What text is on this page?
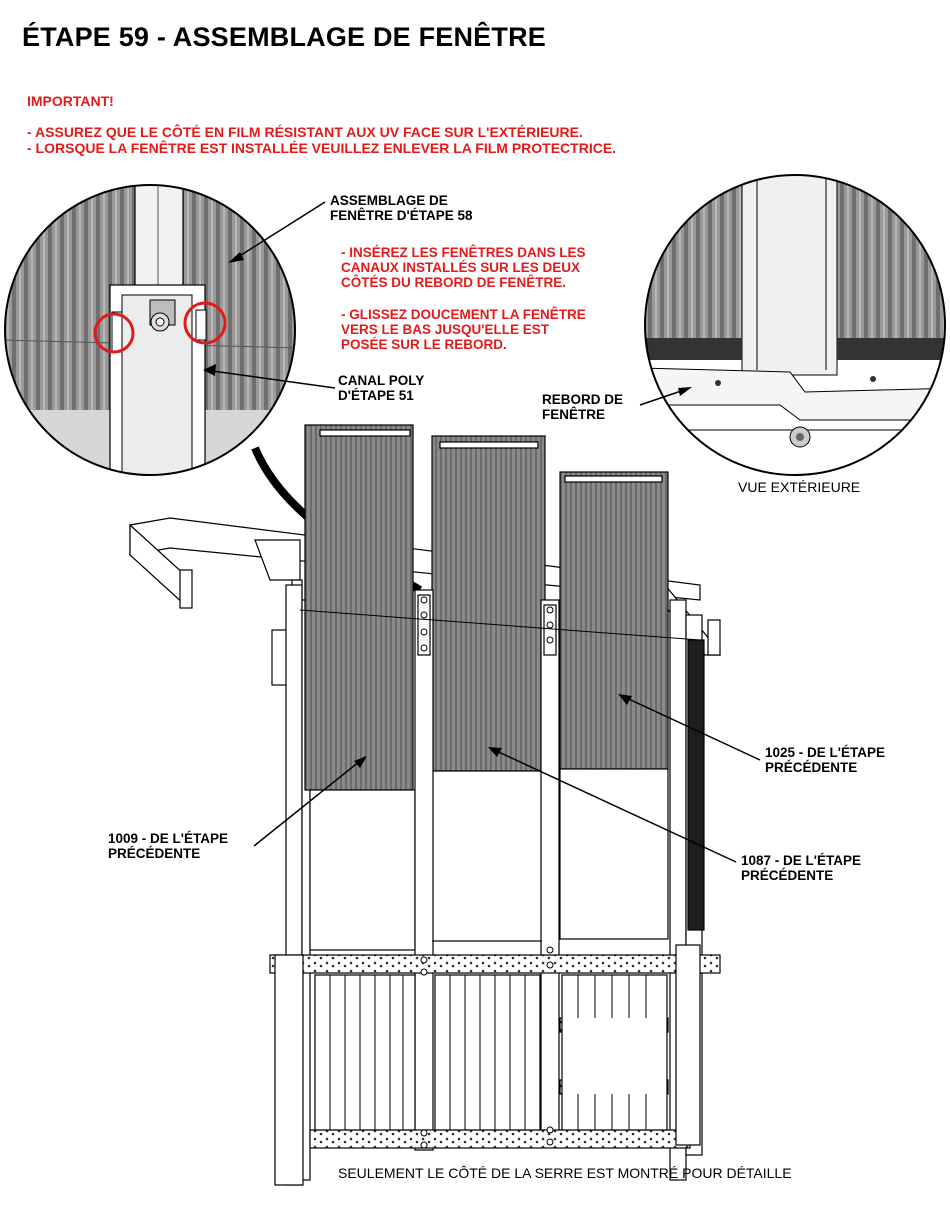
ÉTAPE 59 - ASSEMBLAGE DE FENÊTRE
IMPORTANT!
- ASSUREZ QUE LE CÔTÉ EN FILM RÉSISTANT AUX UV FACE SUR L'EXTÉRIEURE.
- LORSQUE LA FENÊTRE EST INSTALLÉE VEUILLEZ ENLEVER LA FILM PROTECTRICE.
ASSEMBLAGE DE
FENÊTRE D'ÉTAPE 58
- INSÉREZ LES FENÊTRES DANS LES
CANAUX INSTALLÉS SUR LES DEUX
CÔTÉS DU REBORD DE FENÊTRE.
- GLISSEZ DOUCEMENT LA FENÊTRE
VERS LE BAS JUSQU'ELLE EST
POSÉE SUR LE REBORD.
CANAL POLY
D'ÉTAPE 51	REBORD DE
FENÊTRE
VUE EXTÉRIEURE
1025 - DE L'ÉTAPE
PRÉCÉDENTE
1009 - DE L'ÉTAPE
PRÉCÉDENTE	1087 - DE L'ÉTAPE
PRÉCÉDENTE
SEULEMENT LE CÔTÉ DE LA SERRE EST MONTRÉ POUR DÉTAILLE
